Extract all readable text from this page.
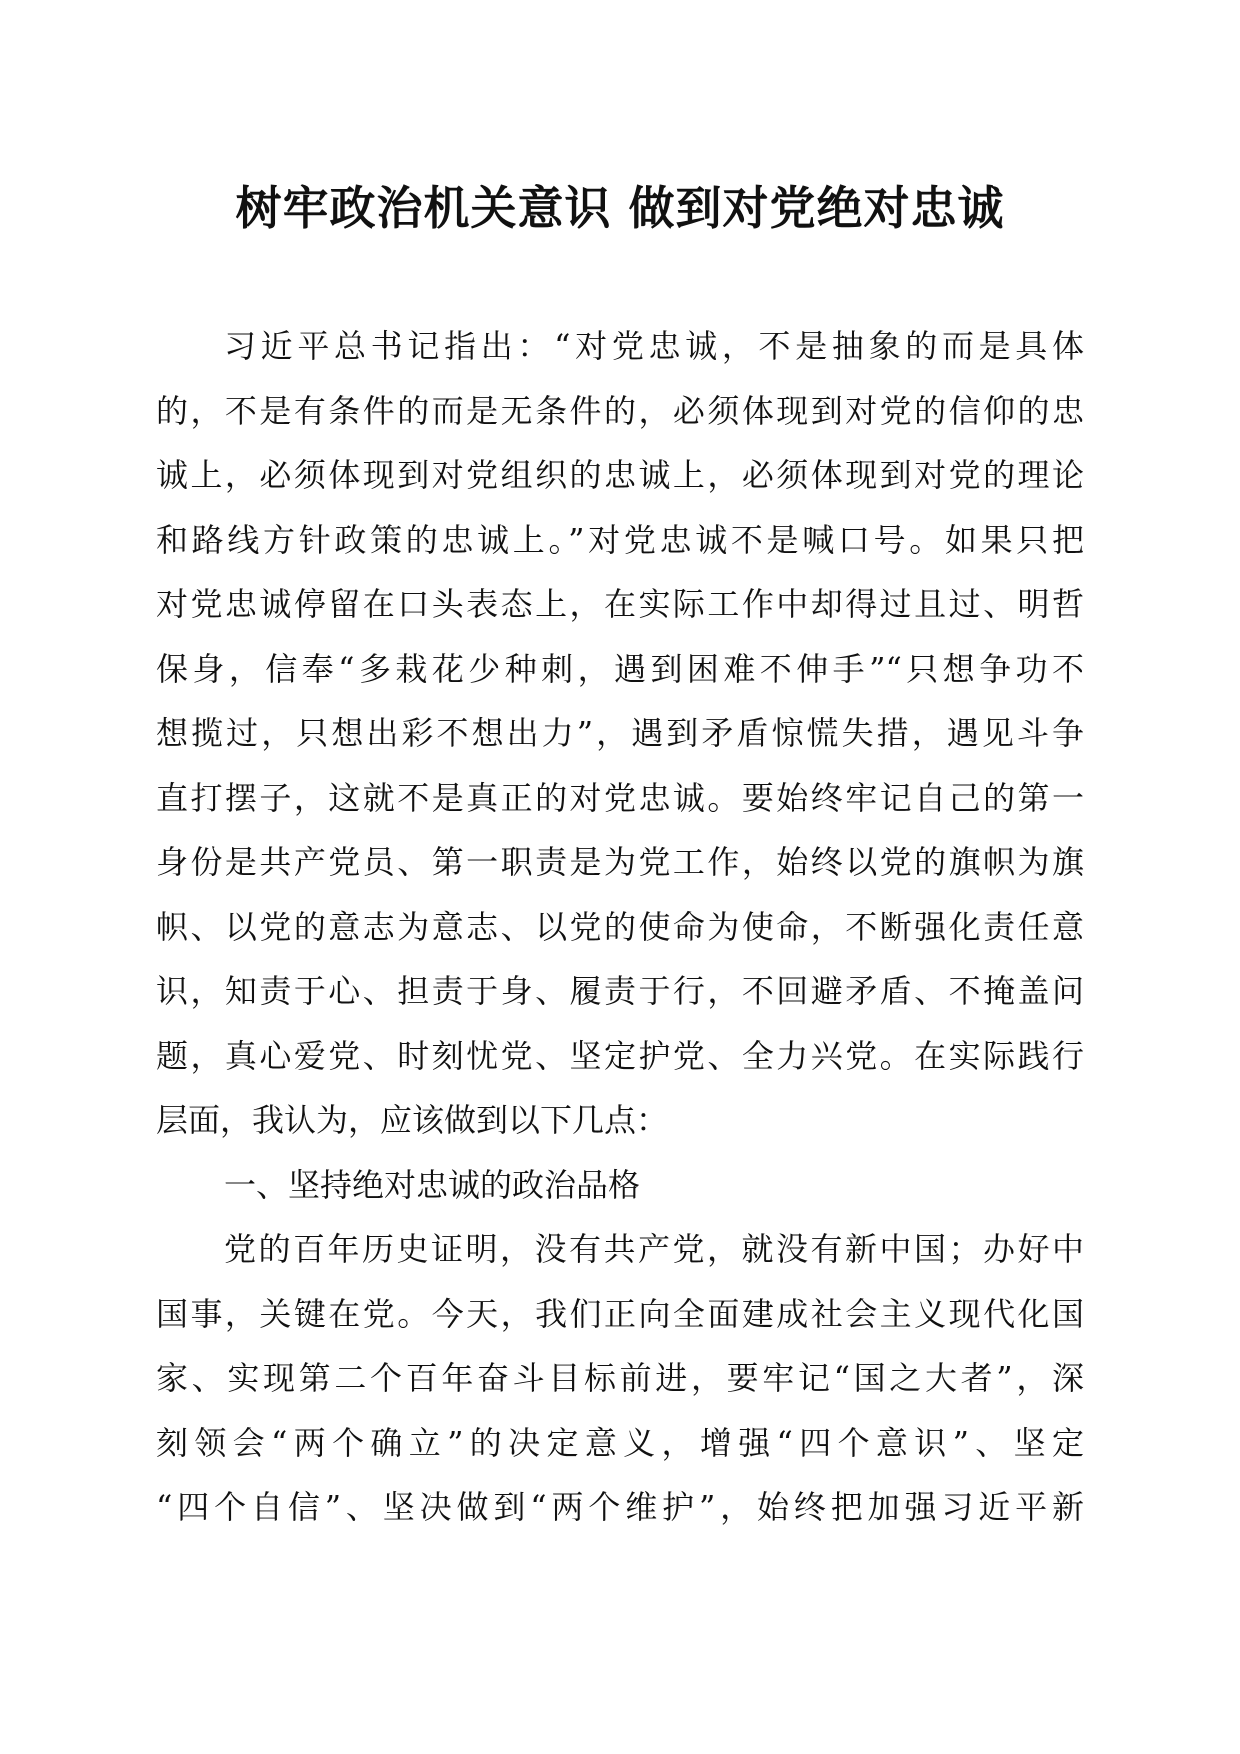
树牢政治机关意识 做到对党绝对忠诚
习近平总书记指出：“对党忠诚，不是抽象的而是具体
的，不是有条件的而是无条件的，必须体现到对党的信仰的忠
诚上，必须体现到对党组织的忠诚上，必须体现到对党的理论
和路线方针政策的忠诚上。”对党忠诚不是喊口号。如果只把
对党忠诚停留在口头表态上，在实际工作中却得过且过、明哲
保身，信奉“多栽花少种刺，遇到困难不伸手”“只想争功不
想揽过，只想出彩不想出力”，遇到矛盾惊慌失措，遇见斗争
直打摆子，这就不是真正的对党忠诚。要始终牢记自己的第一
身份是共产党员、第一职责是为党工作，始终以党的旗帜为旗
帜、以党的意志为意志、以党的使命为使命，不断强化责任意
识，知责于心、担责于身、履责于行，不回避矛盾、不掩盖问
题，真心爱党、时刻忧党、坚定护党、全力兴党。在实际践行
层面，我认为，应该做到以下几点：
一、坚持绝对忠诚的政治品格
党的百年历史证明，没有共产党，就没有新中国；办好中
国事，关键在党。今天，我们正向全面建成社会主义现代化国
家、实现第二个百年奋斗目标前进，要牢记“国之大者”，深
刻领会“两个确立”的决定意义，增强“四个意识”、坚定
“四个自信”、坚决做到“两个维护”，始终把加强习近平新
